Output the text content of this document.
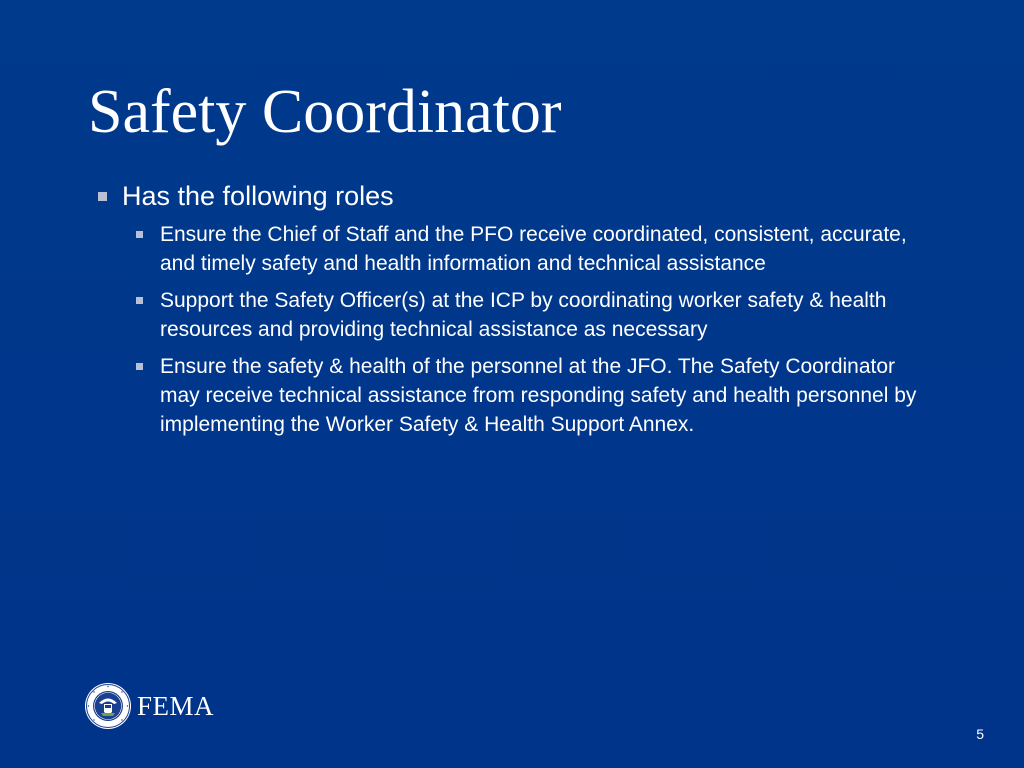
Safety Coordinator
Has the following roles
Ensure the Chief of Staff and the PFO receive coordinated, consistent, accurate, and timely safety and health information and technical assistance
Support the Safety Officer(s) at the ICP by coordinating worker safety & health resources and providing technical assistance as necessary
Ensure the safety & health of the personnel at the JFO. The Safety Coordinator may receive technical assistance from responding safety and health personnel by implementing the Worker Safety & Health Support Annex.
FEMA
5
